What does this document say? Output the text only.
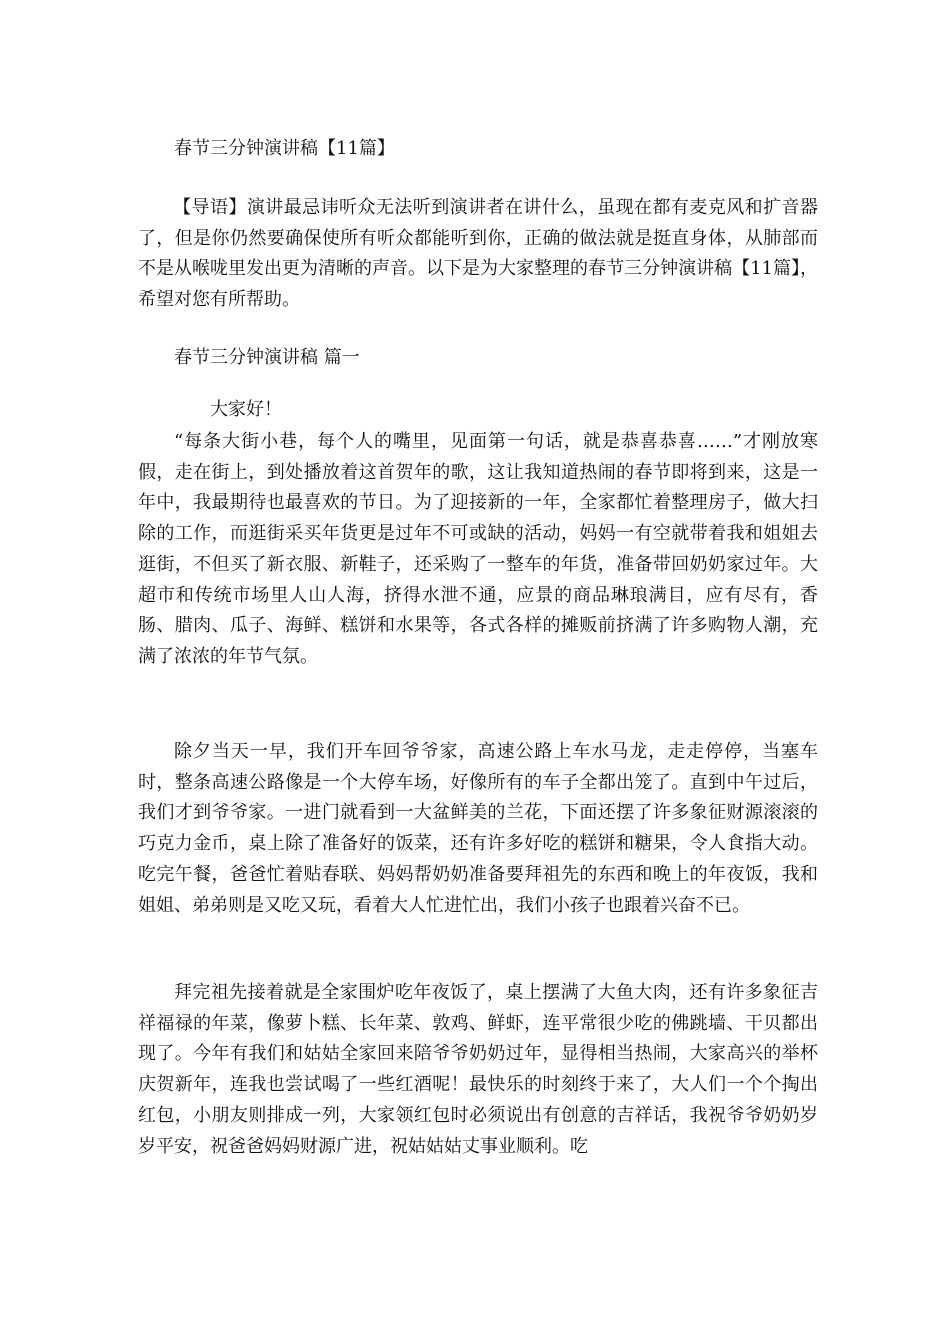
春节三分钟演讲稿【11篇】

【导语】演讲最忌讳听众无法听到演讲者在讲什么，虽现在都有麦克风和扩音器了，但是你仍然要确保使所有听众都能听到你，正确的做法就是挺直身体，从肺部而不是从喉咙里发出更为清晰的声音。以下是为大家整理的春节三分钟演讲稿【11篇】，希望对您有所帮助。

春节三分钟演讲稿 篇一
大家好！

“每条大街小巷，每个人的嘴里，见面第一句话，就是恭喜恭喜……”才刚放寒假，走在街上，到处播放着这首贺年的歌，这让我知道热闹的春节即将到来，这是一年中，我最期待也最喜欢的节日。为了迎接新的一年，全家都忙着整理房子，做大扫除的工作，而逛街采买年货更是过年不可或缺的活动，妈妈一有空就带着我和姐姐去逛街，不但买了新衣服、新鞋子，还采购了一整车的年货，准备带回奶奶家过年。大超市和传统市场里人山人海，挤得水泄不通，应景的商品琳琅满目，应有尽有，香肠、腊肉、瓜子、海鲜、糕饼和水果等，各式各样的摊贩前挤满了许多购物人潮，充满了浓浓的年节气氛。

除夕当天一早，我们开车回爷爷家，高速公路上车水马龙，走走停停，当塞车时，整条高速公路像是一个大停车场，好像所有的车子全都出笼了。直到中午过后，我们才到爷爷家。一进门就看到一大盆鲜美的兰花，下面还摆了许多象征财源滚滚的巧克力金币，桌上除了准备好的饭菜，还有许多好吃的糕饼和糖果，令人食指大动。吃完午餐，爸爸忙着贴春联、妈妈帮奶奶准备要拜祖先的东西和晚上的年夜饭，我和姐姐、弟弟则是又吃又玩，看着大人忙进忙出，我们小孩子也跟着兴奋不已。

拜完祖先接着就是全家围炉吃年夜饭了，桌上摆满了大鱼大肉，还有许多象征吉祥福禄的年菜，像萝卜糕、长年菜、敦鸡、鲜虾，连平常很少吃的佛跳墙、干贝都出现了。今年有我们和姑姑全家回来陪爷爷奶奶过年，显得相当热闹，大家高兴的举杯庆贺新年，连我也尝试喝了一些红酒呢！最快乐的时刻终于来了，大人们一个个掏出红包，小朋友则排成一列，大家领红包时必须说出有创意的吉祥话，我祝爷爷奶奶岁岁平安，祝爸爸妈妈财源广进，祝姑姑姑丈事业顺利。吃
